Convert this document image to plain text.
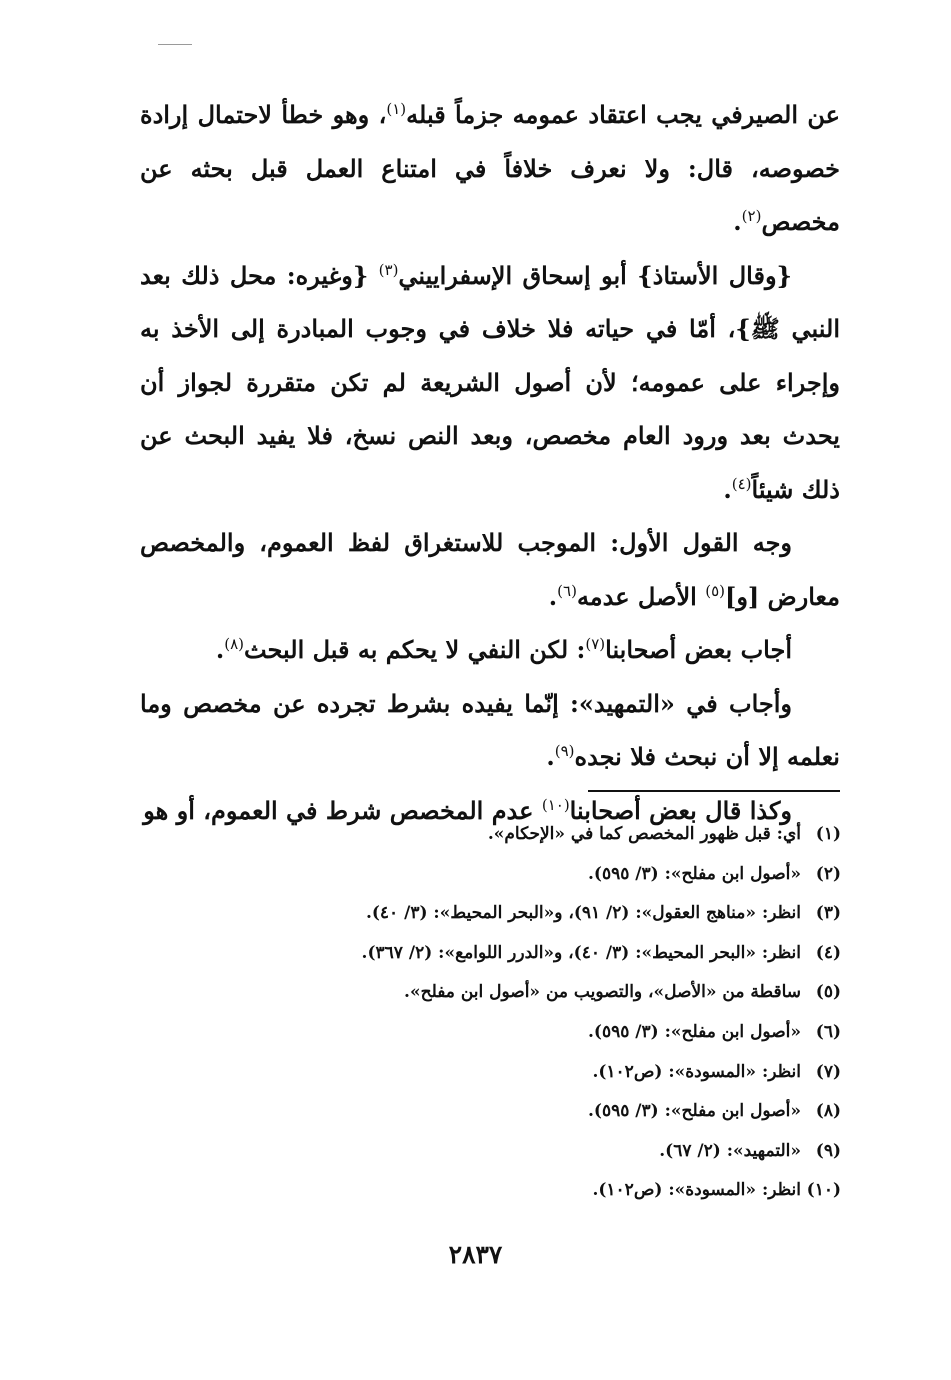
عن الصيرفي يجب اعتقاد عمومه جزماً قبله$^{(١)}$، وهو خطأ لاحتمال إرادة خصوصه، قال: ولا نعرف خلافاً في امتناع العمل قبل بحثه عن مخصص$^{(٢)}$.

{وقال الأستاذ} أبو إسحاق الإسفراييني$^{(٣)}$ {وغيره: محل ذلك بعد النبي ﷺ}، أمّا في حياته فلا خلاف في وجوب المبادرة إلى الأخذ به وإجراء على عمومه؛ لأن أصول الشريعة لم تكن متقررة لجواز أن يحدث بعد ورود العام مخصص، وبعد النص نسخ، فلا يفيد البحث عن ذلك شيئاً$^{(٤)}$.

وجه القول الأول: الموجب للاستغراق لفظ العموم، والمخصص معارض [و]$^{(٥)}$ الأصل عدمه$^{(٦)}$.

أجاب بعض أصحابنا$^{(٧)}$: لكن النفي لا يحكم به قبل البحث$^{(٨)}$.

وأجاب في «التمهيد»: إنّما يفيده بشرط تجرده عن مخصص وما نعلمه إلا أن نبحث فلا نجده$^{(٩)}$.

وكذا قال بعض أصحابنا$^{(١٠)}$ عدم المخصص شرط في العموم، أو هو

(١)أي: قبل ظهور المخصص كما في «الإحكام».
(٢)«أصول ابن مفلح»: (٣/ ٥٩٥).
(٣)انظر: «مناهج العقول»: (٢/ ٩١)، و«البحر المحيط»: (٣/ ٤٠).
(٤)انظر: «البحر المحيط»: (٣/ ٤٠)، و«الدرر اللوامع»: (٢/ ٣٦٧).
(٥)ساقطة من «الأصل»، والتصويب من «أصول ابن مفلح».
(٦)«أصول ابن مفلح»: (٣/ ٥٩٥).
(٧)انظر: «المسودة»: (ص١٠٢).
(٨)«أصول ابن مفلح»: (٣/ ٥٩٥).
(٩)«التمهيد»: (٢/ ٦٧).
(١٠)انظر: «المسودة»: (ص١٠٢).
٢٨٣٧
